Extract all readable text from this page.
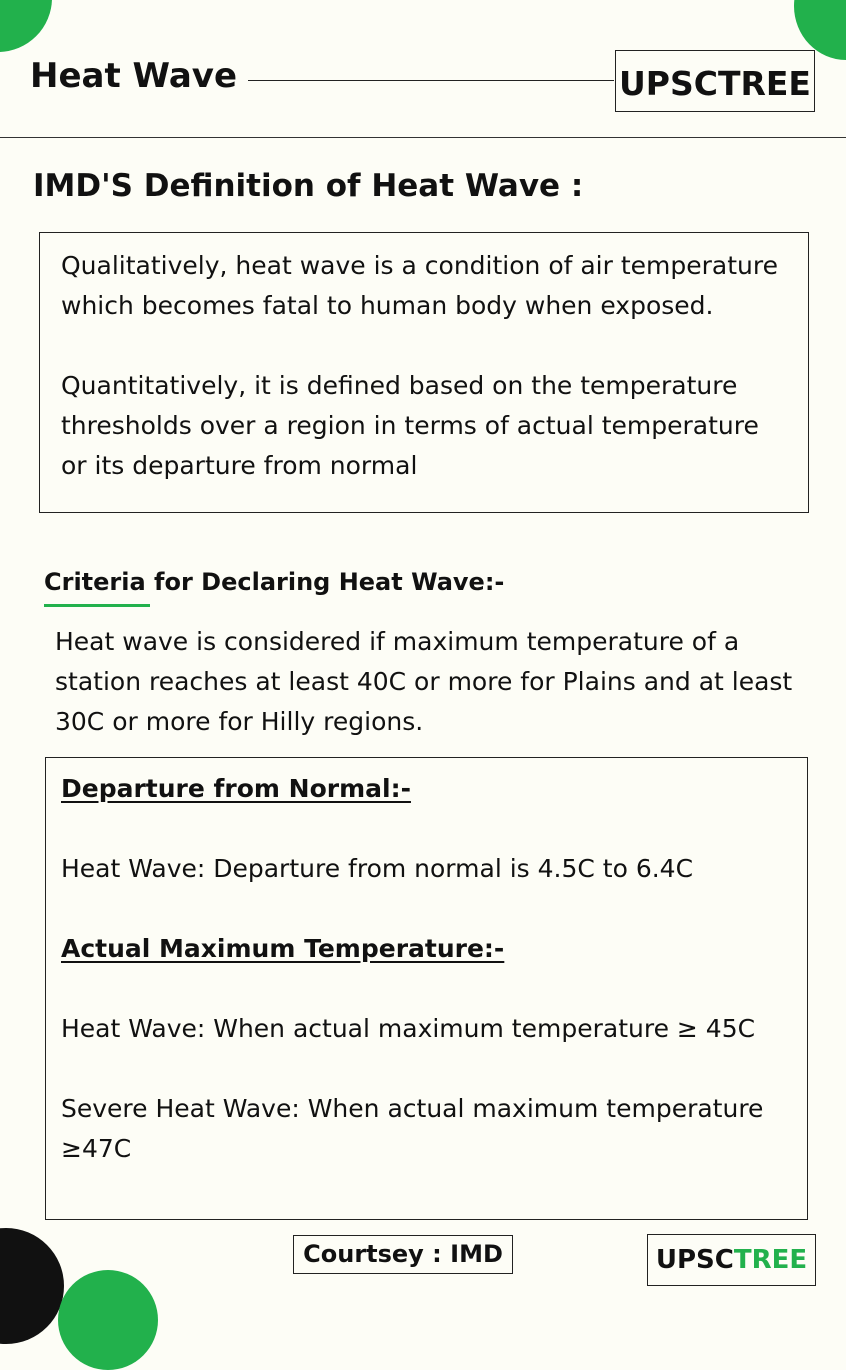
Heat Wave	UPSCTREE
IMD'S Definition of Heat Wave :
Qualitatively, heat wave is a condition of air temperature
which becomes fatal to human body when exposed.
Quantitatively, it is defined based on the temperature
thresholds over a region in terms of actual temperature
or its departure from normal
Criteria for Declaring Heat Wave:-
Heat wave is considered if maximum temperature of a
station reaches at least 40C or more for Plains and at least
30C or more for Hilly regions.
Departure from Normal:-
Heat Wave: Departure from normal is 4.5C to 6.4C
Actual Maximum Temperature:-
Heat Wave: When actual maximum temperature ≥ 45C
Severe Heat Wave: When actual maximum temperature
≥47C
Courtsey : IMD	UPSCTREE
